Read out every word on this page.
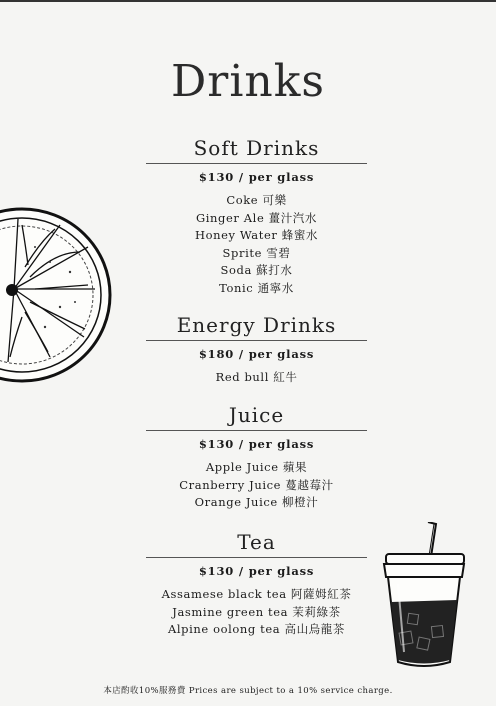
Drinks
Soft Drinks
$130 / per glass
Coke 可樂
Ginger Ale 薑汁汽水
Honey Water 蜂蜜水
Sprite 雪碧
Soda 蘇打水
Tonic 通寧水
Energy Drinks
$180 / per glass
Red bull 紅牛
Juice
$130 / per glass
Apple Juice 蘋果
Cranberry Juice 蔓越莓汁
Orange Juice 柳橙汁
Tea
$130 / per glass
Assamese black tea 阿薩姆紅茶
Jasmine green tea 茉莉綠茶
Alpine oolong tea 高山烏龍茶
本店酌收10%服務費 Prices are subject to a 10% service charge.
